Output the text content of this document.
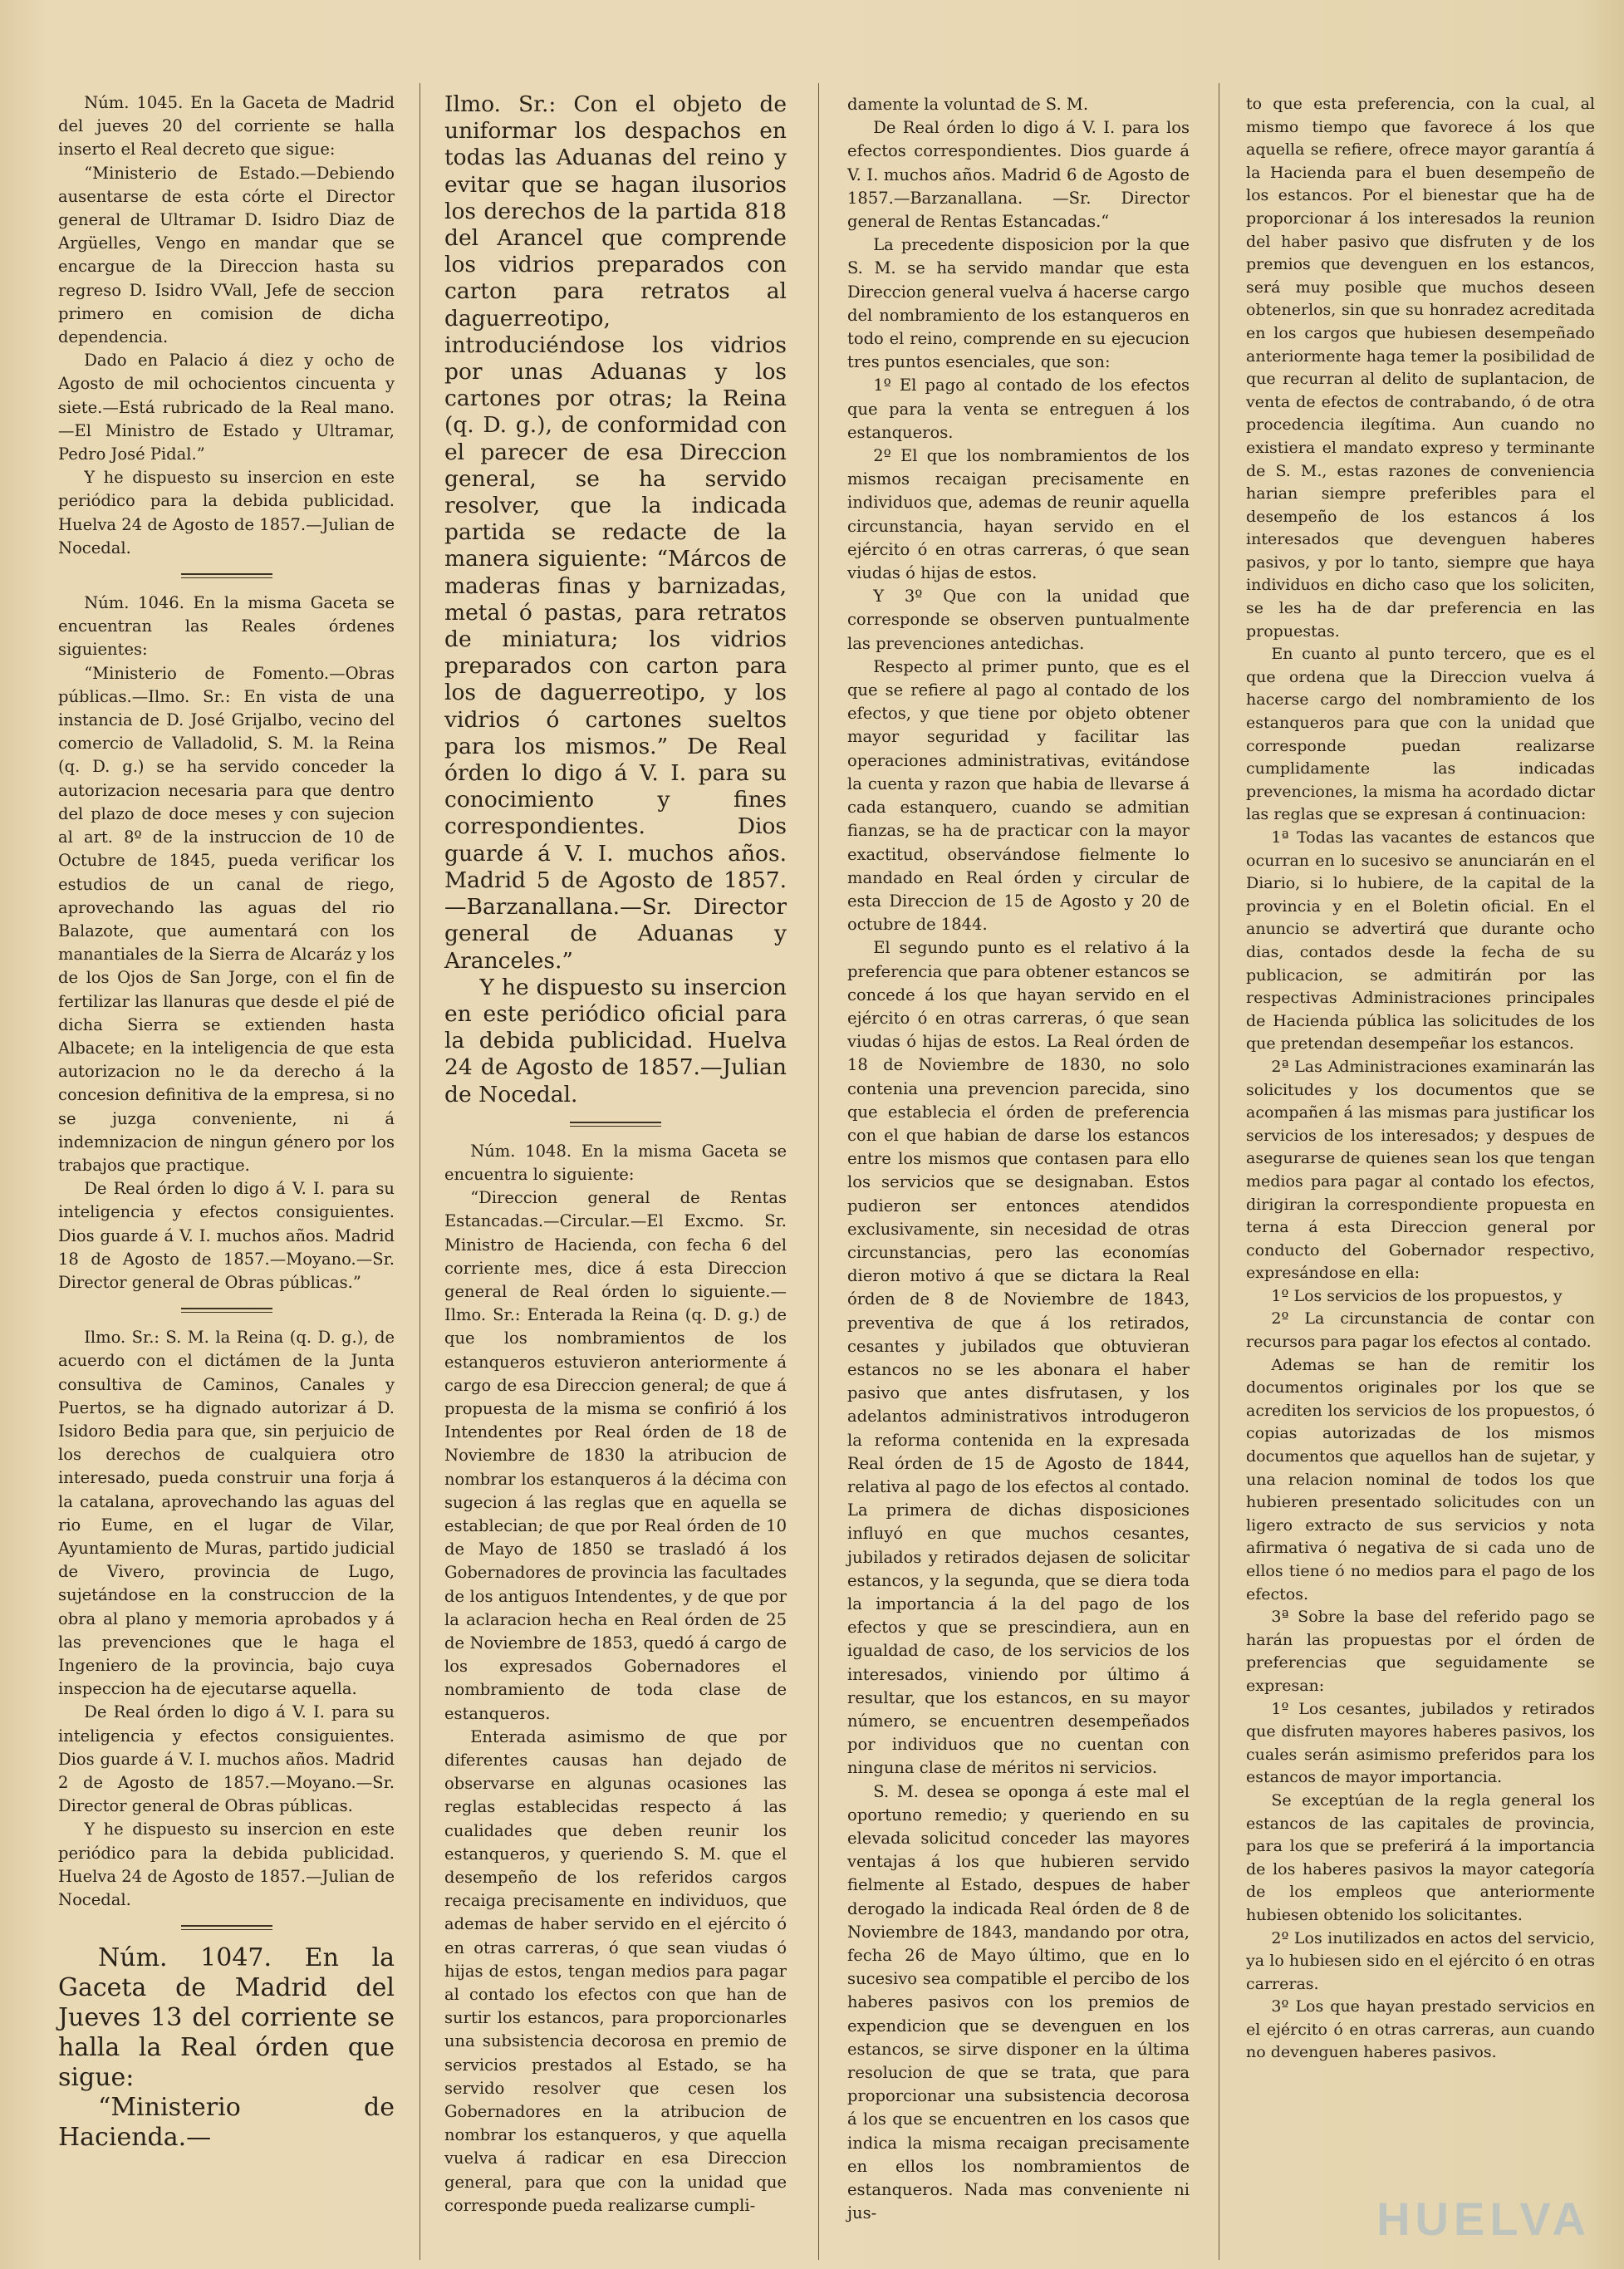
Núm. 1045. En la Gaceta de Madrid del jueves 20 del corriente se halla inserto el Real decreto que sigue:

“Ministerio de Estado.—Debiendo ausentarse de esta córte el Director general de Ultramar D. Isidro Diaz de Argüelles, Vengo en mandar que se encargue de la Direccion hasta su regreso D. Isidro VVall, Jefe de seccion primero en comision de dicha dependencia.

Dado en Palacio á diez y ocho de Agosto de mil ochocientos cincuenta y siete.—Está rubricado de la Real mano.—El Ministro de Estado y Ultramar, Pedro José Pidal.”

Y he dispuesto su insercion en este periódico para la debida publicidad. Huelva 24 de Agosto de 1857.—Julian de Nocedal.

Núm. 1046. En la misma Gaceta se encuentran las Reales órdenes siguientes:

“Ministerio de Fomento.—Obras públicas.—Ilmo. Sr.: En vista de una instancia de D. José Grijalbo, vecino del comercio de Valladolid, S. M. la Reina (q. D. g.) se ha servido conceder la autorizacion necesaria para que dentro del plazo de doce meses y con sujecion al art. 8º de la instruccion de 10 de Octubre de 1845, pueda verificar los estudios de un canal de riego, aprovechando las aguas del rio Balazote, que aumentará con los manantiales de la Sierra de Alcaráz y los de los Ojos de San Jorge, con el fin de fertilizar las llanuras que desde el pié de dicha Sierra se extienden hasta Albacete; en la inteligencia de que esta autorizacion no le da derecho á la concesion definitiva de la empresa, si no se juzga conveniente, ni á indemnizacion de ningun género por los trabajos que practique.

De Real órden lo digo á V. I. para su inteligencia y efectos consiguientes. Dios guarde á V. I. muchos años. Madrid 18 de Agosto de 1857.—Moyano.—Sr. Director general de Obras públicas.”

Ilmo. Sr.: S. M. la Reina (q. D. g.), de acuerdo con el dictámen de la Junta consultiva de Caminos, Canales y Puertos, se ha dignado autorizar á D. Isidoro Bedia para que, sin perjuicio de los derechos de cualquiera otro interesado, pueda construir una forja á la catalana, aprovechando las aguas del rio Eume, en el lugar de Vilar, Ayuntamiento de Muras, partido judicial de Vivero, provincia de Lugo, sujetándose en la construccion de la obra al plano y memoria aprobados y á las prevenciones que le haga el Ingeniero de la provincia, bajo cuya inspeccion ha de ejecutarse aquella.

De Real órden lo digo á V. I. para su inteligencia y efectos consiguientes. Dios guarde á V. I. muchos años. Madrid 2 de Agosto de 1857.—Moyano.—Sr. Director general de Obras públicas.

Y he dispuesto su insercion en este periódico para la debida publicidad. Huelva 24 de Agosto de 1857.—Julian de Nocedal.

Núm. 1047. En la Gaceta de Madrid del Jueves 13 del corriente se halla la Real órden que sigue:

“Ministerio de Hacienda.—

Ilmo. Sr.: Con el objeto de uniformar los despachos en todas las Aduanas del reino y evitar que se hagan ilusorios los derechos de la partida 818 del Arancel que comprende los vidrios preparados con carton para retratos al daguerreotipo, introduciéndose los vidrios por unas Aduanas y los cartones por otras; la Reina (q. D. g.), de conformidad con el parecer de esa Direccion general, se ha servido resolver, que la indicada partida se redacte de la manera siguiente: “Márcos de maderas finas y barnizadas, metal ó pastas, para retratos de miniatura; los vidrios preparados con carton para los de daguerreotipo, y los vidrios ó cartones sueltos para los mismos.” De Real órden lo digo á V. I. para su conocimiento y fines correspondientes. Dios guarde á V. I. muchos años. Madrid 5 de Agosto de 1857. —Barzanallana.—Sr. Director general de Aduanas y Aranceles.”

Y he dispuesto su insercion en este periódico oficial para la debida publicidad. Huelva 24 de Agosto de 1857.—Julian de Nocedal.

Núm. 1048. En la misma Gaceta se encuentra lo siguiente:

“Direccion general de Rentas Estancadas.—Circular.—El Excmo. Sr. Ministro de Hacienda, con fecha 6 del corriente mes, dice á esta Direccion general de Real órden lo siguiente.—Ilmo. Sr.: Enterada la Reina (q. D. g.) de que los nombramientos de los estanqueros estuvieron anteriormente á cargo de esa Direccion general; de que á propuesta de la misma se confirió á los Intendentes por Real órden de 18 de Noviembre de 1830 la atribucion de nombrar los estanqueros á la décima con sugecion á las reglas que en aquella se establecian; de que por Real órden de 10 de Mayo de 1850 se trasladó á los Gobernadores de provincia las facultades de los antiguos Intendentes, y de que por la aclaracion hecha en Real órden de 25 de Noviembre de 1853, quedó á cargo de los expresados Gobernadores el nombramiento de toda clase de estanqueros.

Enterada asimismo de que por diferentes causas han dejado de observarse en algunas ocasiones las reglas establecidas respecto á las cualidades que deben reunir los estanqueros, y queriendo S. M. que el desempeño de los referidos cargos recaiga precisamente en individuos, que ademas de haber servido en el ejército ó en otras carreras, ó que sean viudas ó hijas de estos, tengan medios para pagar al contado los efectos con que han de surtir los estancos, para proporcionarles una subsistencia decorosa en premio de servicios prestados al Estado, se ha servido resolver que cesen los Gobernadores en la atribucion de nombrar los estanqueros, y que aquella vuelva á radicar en esa Direccion general, para que con la unidad que corresponde pueda realizarse cumpli-

damente la voluntad de S. M.

De Real órden lo digo á V. I. para los efectos correspondientes. Dios guarde á V. I. muchos años. Madrid 6 de Agosto de 1857.—Barzanallana. —Sr. Director general de Rentas Estancadas.“

La precedente disposicion por la que S. M. se ha servido mandar que esta Direccion general vuelva á hacerse cargo del nombramiento de los estanqueros en todo el reino, comprende en su ejecucion tres puntos esenciales, que son:

1º El pago al contado de los efectos que para la venta se entreguen á los estanqueros.

2º El que los nombramientos de los mismos recaigan precisamente en individuos que, ademas de reunir aquella circunstancia, hayan servido en el ejército ó en otras carreras, ó que sean viudas ó hijas de estos.

Y 3º Que con la unidad que corresponde se observen puntualmente las prevenciones antedichas.

Respecto al primer punto, que es el que se refiere al pago al contado de los efectos, y que tiene por objeto obtener mayor seguridad y facilitar las operaciones administrativas, evitándose la cuenta y razon que habia de llevarse á cada estanquero, cuando se admitian fianzas, se ha de practicar con la mayor exactitud, observándose fielmente lo mandado en Real órden y circular de esta Direccion de 15 de Agosto y 20 de octubre de 1844.

El segundo punto es el relativo á la preferencia que para obtener estancos se concede á los que hayan servido en el ejército ó en otras carreras, ó que sean viudas ó hijas de estos. La Real órden de 18 de Noviembre de 1830, no solo contenia una prevencion parecida, sino que establecia el órden de preferencia con el que habian de darse los estancos entre los mismos que contasen para ello los servicios que se designaban. Estos pudieron ser entonces atendidos exclusivamente, sin necesidad de otras circunstancias, pero las economías dieron motivo á que se dictara la Real órden de 8 de Noviembre de 1843, preventiva de que á los retirados, cesantes y jubilados que obtuvieran estancos no se les abonara el haber pasivo que antes disfrutasen, y los adelantos administrativos introdugeron la reforma contenida en la expresada Real órden de 15 de Agosto de 1844, relativa al pago de los efectos al contado. La primera de dichas disposiciones influyó en que muchos cesantes, jubilados y retirados dejasen de solicitar estancos, y la segunda, que se diera toda la importancia á la del pago de los efectos y que se prescindiera, aun en igualdad de caso, de los servicios de los interesados, viniendo por último á resultar, que los estancos, en su mayor número, se encuentren desempeñados por individuos que no cuentan con ninguna clase de méritos ni servicios.

S. M. desea se oponga á este mal el oportuno remedio; y queriendo en su elevada solicitud conceder las mayores ventajas á los que hubieren servido fielmente al Estado, despues de haber derogado la indicada Real órden de 8 de Noviembre de 1843, mandando por otra, fecha 26 de Mayo último, que en lo sucesivo sea compatible el percibo de los haberes pasivos con los premios de expendicion que se devenguen en los estancos, se sirve disponer en la última resolucion de que se trata, que para proporcionar una subsistencia decorosa á los que se encuentren en los casos que indica la misma recaigan precisamente en ellos los nombramientos de estanqueros. Nada mas conveniente ni jus-

to que esta preferencia, con la cual, al mismo tiempo que favorece á los que aquella se refiere, ofrece mayor garantía á la Hacienda para el buen desempeño de los estancos. Por el bienestar que ha de proporcionar á los interesados la reunion del haber pasivo que disfruten y de los premios que devenguen en los estancos, será muy posible que muchos deseen obtenerlos, sin que su honradez acreditada en los cargos que hubiesen desempeñado anteriormente haga temer la posibilidad de que recurran al delito de suplantacion, de venta de efectos de contrabando, ó de otra procedencia ilegítima. Aun cuando no existiera el mandato expreso y terminante de S. M., estas razones de conveniencia harian siempre preferibles para el desempeño de los estancos á los interesados que devenguen haberes pasivos, y por lo tanto, siempre que haya individuos en dicho caso que los soliciten, se les ha de dar preferencia en las propuestas.

En cuanto al punto tercero, que es el que ordena que la Direccion vuelva á hacerse cargo del nombramiento de los estanqueros para que con la unidad que corresponde puedan realizarse cumplidamente las indicadas prevenciones, la misma ha acordado dictar las reglas que se expresan á continuacion:

1ª Todas las vacantes de estancos que ocurran en lo sucesivo se anunciarán en el Diario, si lo hubiere, de la capital de la provincia y en el Boletin oficial. En el anuncio se advertirá que durante ocho dias, contados desde la fecha de su publicacion, se admitirán por las respectivas Administraciones principales de Hacienda pública las solicitudes de los que pretendan desempeñar los estancos.

2ª Las Administraciones examinarán las solicitudes y los documentos que se acompañen á las mismas para justificar los servicios de los interesados; y despues de asegurarse de quienes sean los que tengan medios para pagar al contado los efectos, dirigiran la correspondiente propuesta en terna á esta Direccion general por conducto del Gobernador respectivo, expresándose en ella:

1º Los servicios de los propuestos, y

2º La circunstancia de contar con recursos para pagar los efectos al contado.

Ademas se han de remitir los documentos originales por los que se acrediten los servicios de los propuestos, ó copias autorizadas de los mismos documentos que aquellos han de sujetar, y una relacion nominal de todos los que hubieren presentado solicitudes con un ligero extracto de sus servicios y nota afirmativa ó negativa de si cada uno de ellos tiene ó no medios para el pago de los efectos.

3ª Sobre la base del referido pago se harán las propuestas por el órden de preferencias que seguidamente se expresan:

1º Los cesantes, jubilados y retirados que disfruten mayores haberes pasivos, los cuales serán asimismo preferidos para los estancos de mayor importancia.

Se exceptúan de la regla general los estancos de las capitales de provincia, para los que se preferirá á la importancia de los haberes pasivos la mayor categoría de los empleos que anteriormente hubiesen obtenido los solicitantes.

2º Los inutilizados en actos del servicio, ya lo hubiesen sido en el ejército ó en otras carreras.

3º Los que hayan prestado servicios en el ejército ó en otras carreras, aun cuando no devenguen haberes pasivos.

HUELVA
